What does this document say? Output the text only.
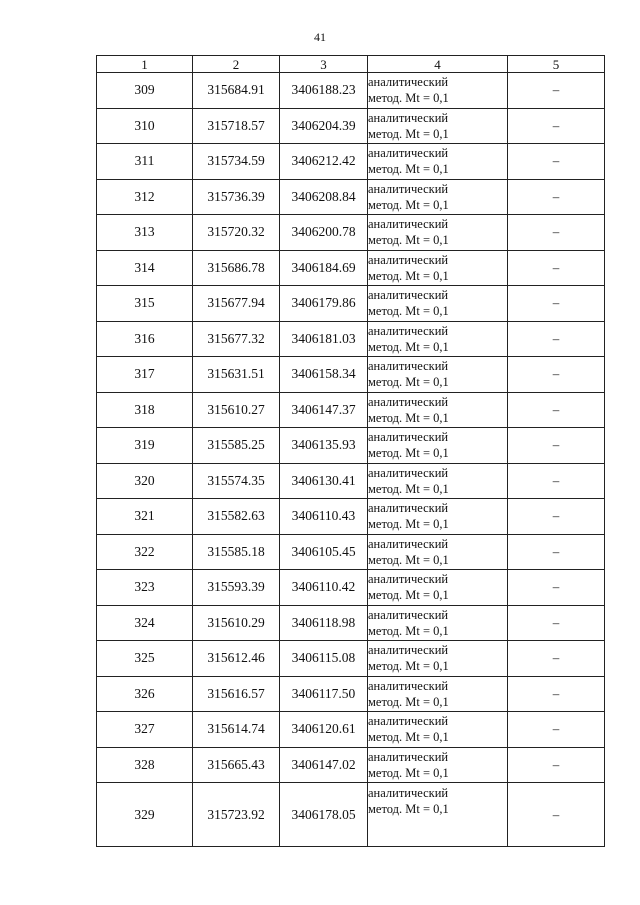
41
1	2	3	4	5
309	315684.91	3406188.23	аналитический
метод. Mt = 0,1	–
310	315718.57	3406204.39	аналитический
метод. Mt = 0,1	–
311	315734.59	3406212.42	аналитический
метод. Mt = 0,1	–
312	315736.39	3406208.84	аналитический
метод. Mt = 0,1	–
313	315720.32	3406200.78	аналитический
метод. Mt = 0,1	–
314	315686.78	3406184.69	аналитический
метод. Mt = 0,1	–
315	315677.94	3406179.86	аналитический
метод. Mt = 0,1	–
316	315677.32	3406181.03	аналитический
метод. Mt = 0,1	–
317	315631.51	3406158.34	аналитический
метод. Mt = 0,1	–
318	315610.27	3406147.37	аналитический
метод. Mt = 0,1	–
319	315585.25	3406135.93	аналитический
метод. Mt = 0,1	–
320	315574.35	3406130.41	аналитический
метод. Mt = 0,1	–
321	315582.63	3406110.43	аналитический
метод. Mt = 0,1	–
322	315585.18	3406105.45	аналитический
метод. Mt = 0,1	–
323	315593.39	3406110.42	аналитический
метод. Mt = 0,1	–
324	315610.29	3406118.98	аналитический
метод. Mt = 0,1	–
325	315612.46	3406115.08	аналитический
метод. Mt = 0,1	–
326	315616.57	3406117.50	аналитический
метод. Mt = 0,1	–
327	315614.74	3406120.61	аналитический
метод. Mt = 0,1	–
328	315665.43	3406147.02	аналитический
метод. Mt = 0,1	–
329	315723.92	3406178.05	аналитический
метод. Mt = 0,1	–
